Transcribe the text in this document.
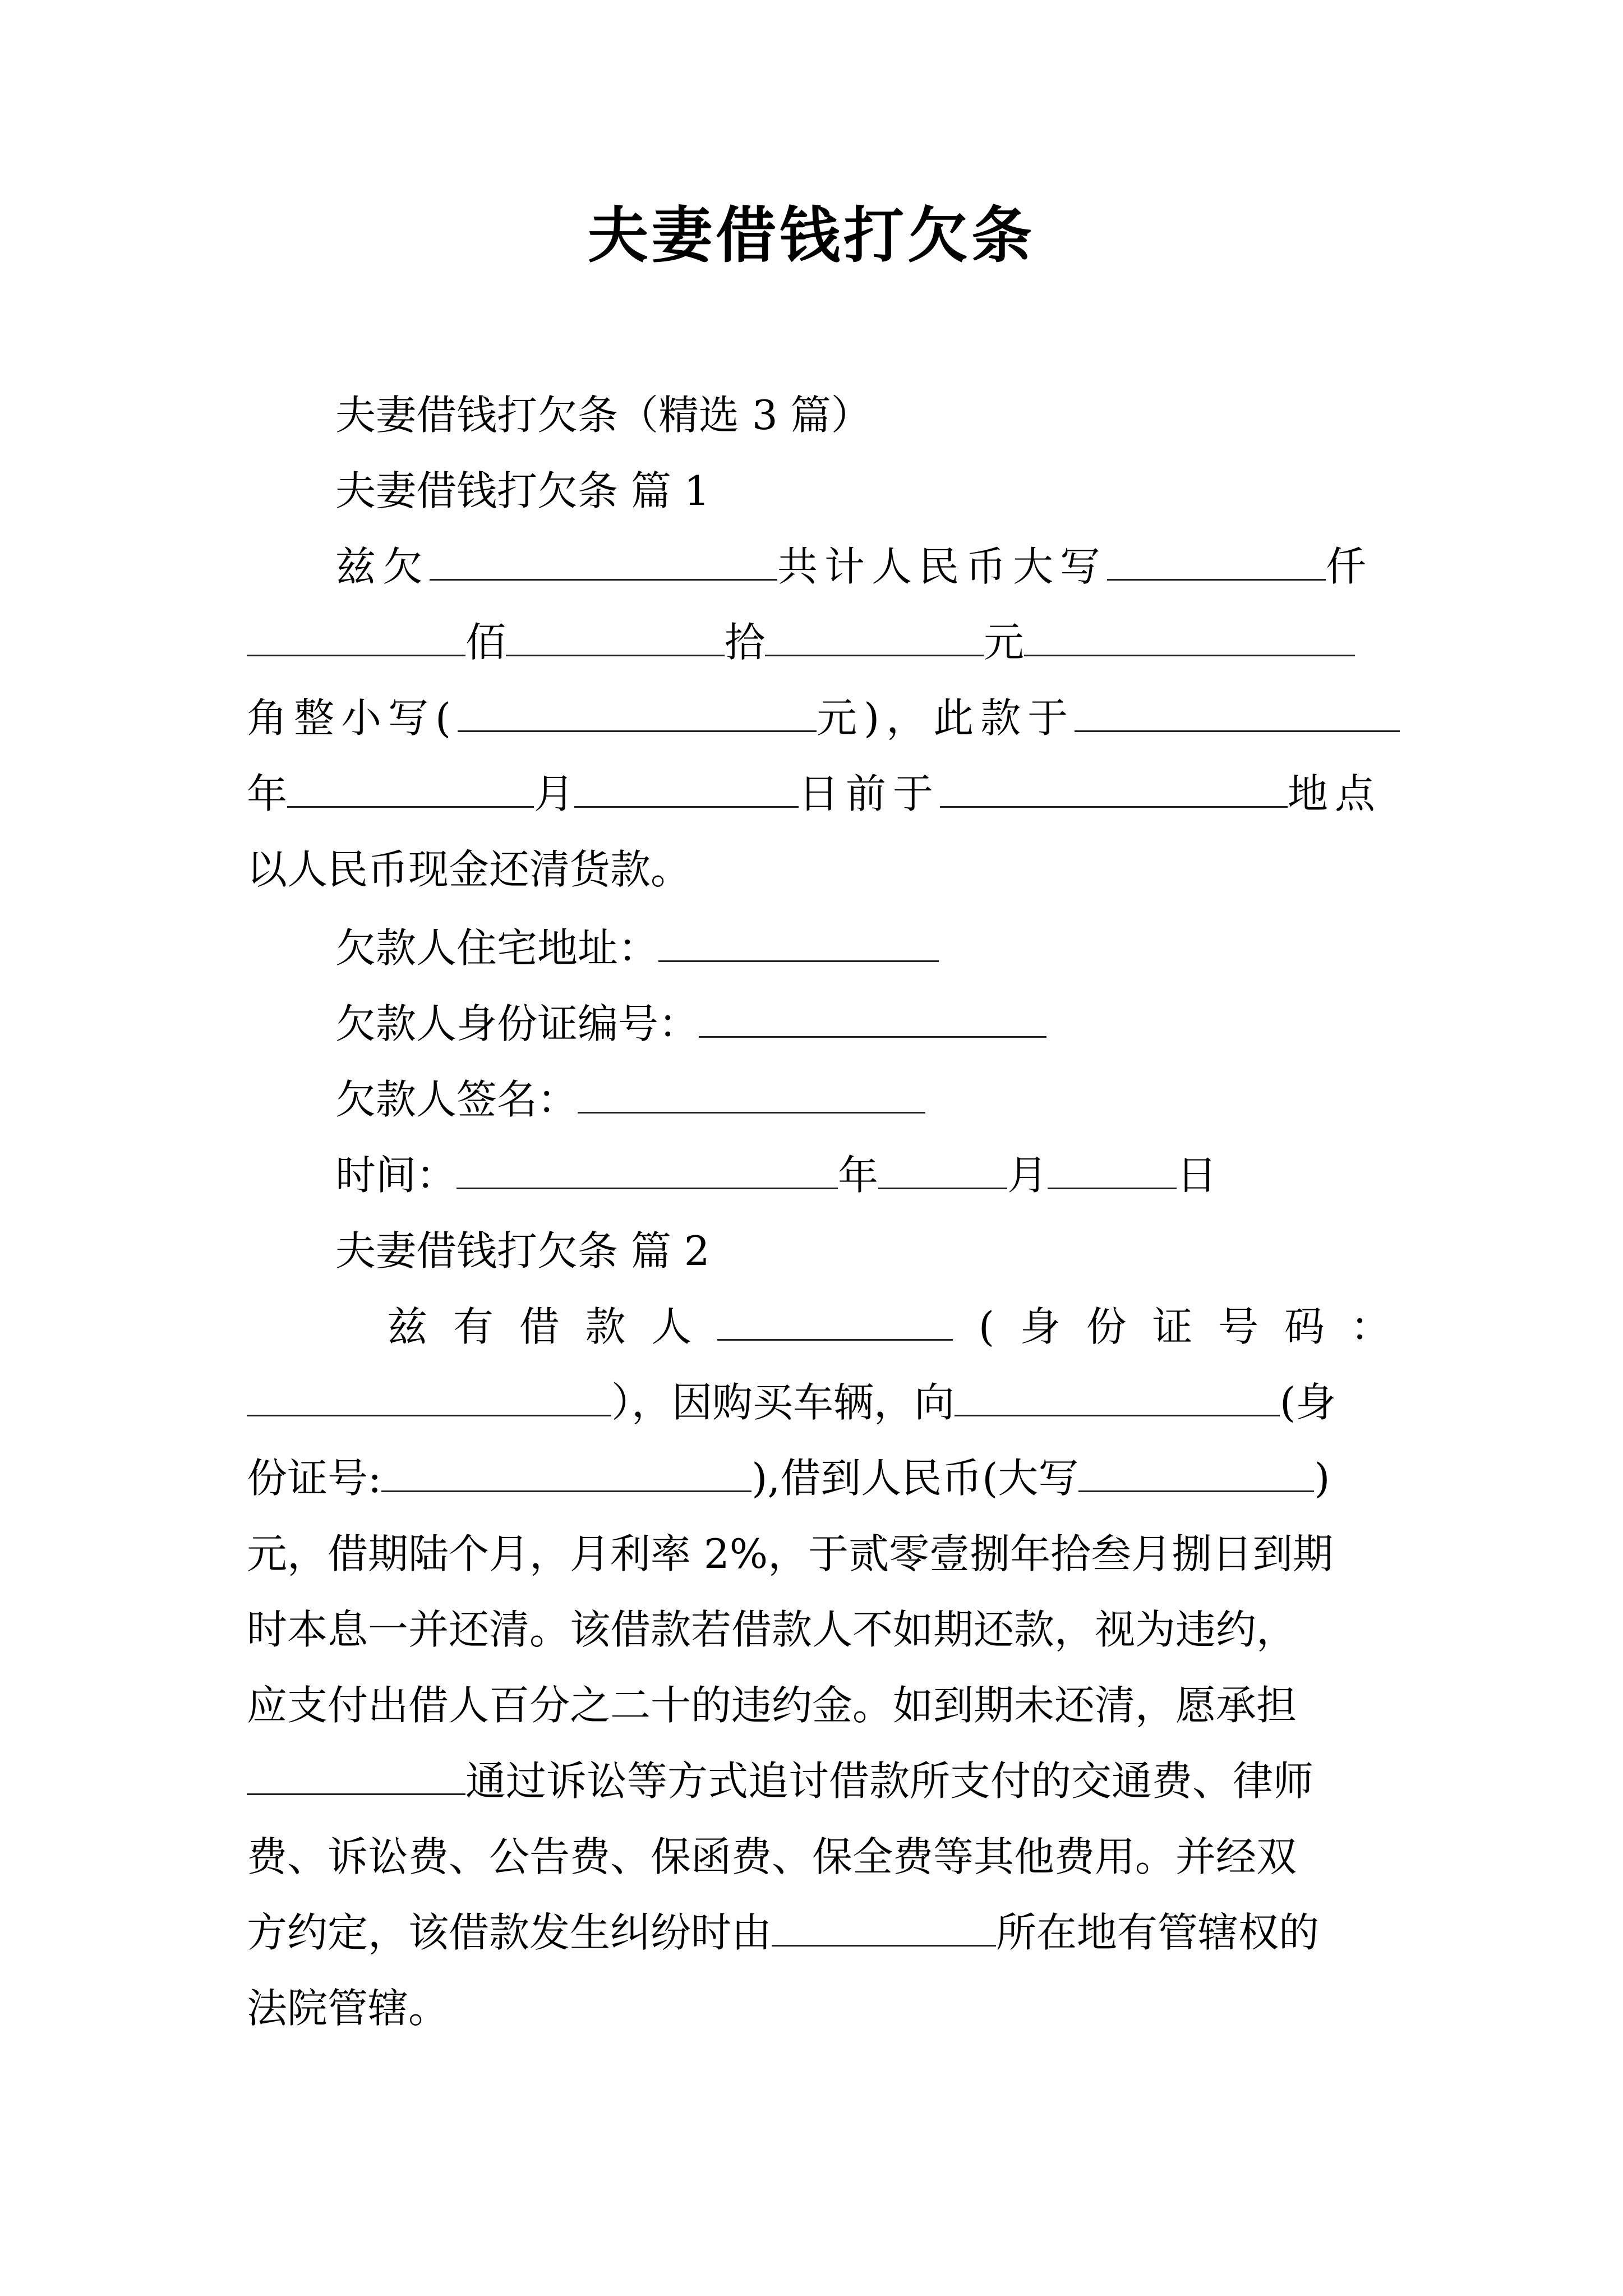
夫妻借钱打欠条
夫妻借钱打欠条（精选 3 篇）
夫妻借钱打欠条 篇 1
兹欠	共计人民币大写	仟
佰	拾	元
角整小写(	元)，此款于
年	月	日前于	地点
以人民币现金还清货款。
欠款人住宅地址：
欠款人身份证编号：
欠款人签名：
时间：	年	月	日
夫妻借钱打欠条 篇 2
兹 有 借 款 人	( 身 份 证 号 码 ：
），因购买车辆，向	(身
份证号:	),借到人民币(大写	)
元，借期陆个月，月利率 2%，于贰零壹捌年拾叁月捌日到期
时本息一并还清。该借款若借款人不如期还款，视为违约，
应支付出借人百分之二十的违约金。如到期未还清，愿承担
通过诉讼等方式追讨借款所支付的交通费、律师
费、诉讼费、公告费、保函费、保全费等其他费用。并经双
方约定，该借款发生纠纷时由	所在地有管辖权的
法院管辖。
